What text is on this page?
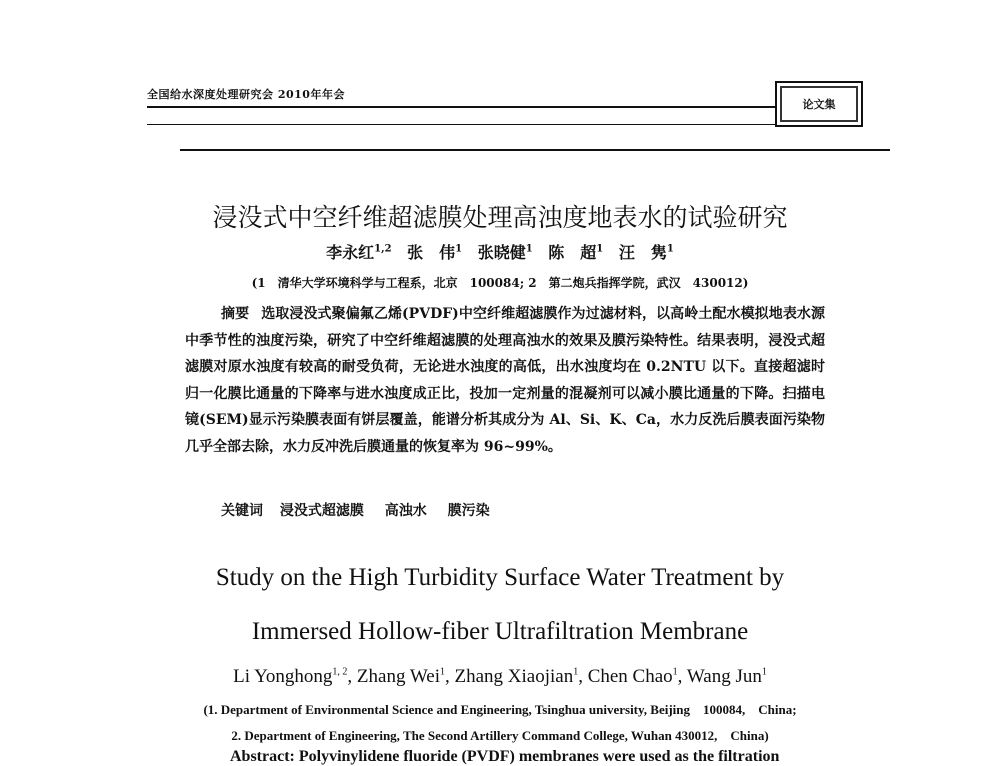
全国给水深度处理研究会 2010年年会
论文集
浸没式中空纤维超滤膜处理高浊度地表水的试验研究
李永红$^{1,2}$ 张　伟$^1$ 张晓健$^1$ 陈　超$^1$ 汪　隽$^1$
(1　清华大学环境科学与工程系，北京　100084; 2　第二炮兵指挥学院，武汉　430012)
摘要 选取浸没式聚偏氟乙烯(PVDF)中空纤维超滤膜作为过滤材料，以高岭土配水模拟地表水源中季节性的浊度污染，研究了中空纤维超滤膜的处理高浊水的效果及膜污染特性。结果表明，浸没式超滤膜对原水浊度有较高的耐受负荷，无论进水浊度的高低，出水浊度均在 0.2NTU 以下。直接超滤时归一化膜比通量的下降率与进水浊度成正比，投加一定剂量的混凝剂可以减小膜比通量的下降。扫描电镜(SEM)显示污染膜表面有饼层覆盖，能谱分析其成分为 Al、Si、K、Ca，水力反洗后膜表面污染物几乎全部去除，水力反冲洗后膜通量的恢复率为 96~99%。
关键词 浸没式超滤膜 高浊水 膜污染
Study on the High Turbidity Surface Water Treatment by
Immersed Hollow-fiber Ultrafiltration Membrane
Li Yonghong$^{1, 2}$, Zhang Wei$^1$, Zhang Xiaojian$^1$, Chen Chao$^1$, Wang Jun$^1$
(1. Department of Environmental Science and Engineering, Tsinghua university, Beijing　100084,　China;
2. Department of Engineering, The Second Artillery Command College, Wuhan 430012,　China)
Abstract: Polyvinylidene fluoride (PVDF) membranes were used as the filtration
